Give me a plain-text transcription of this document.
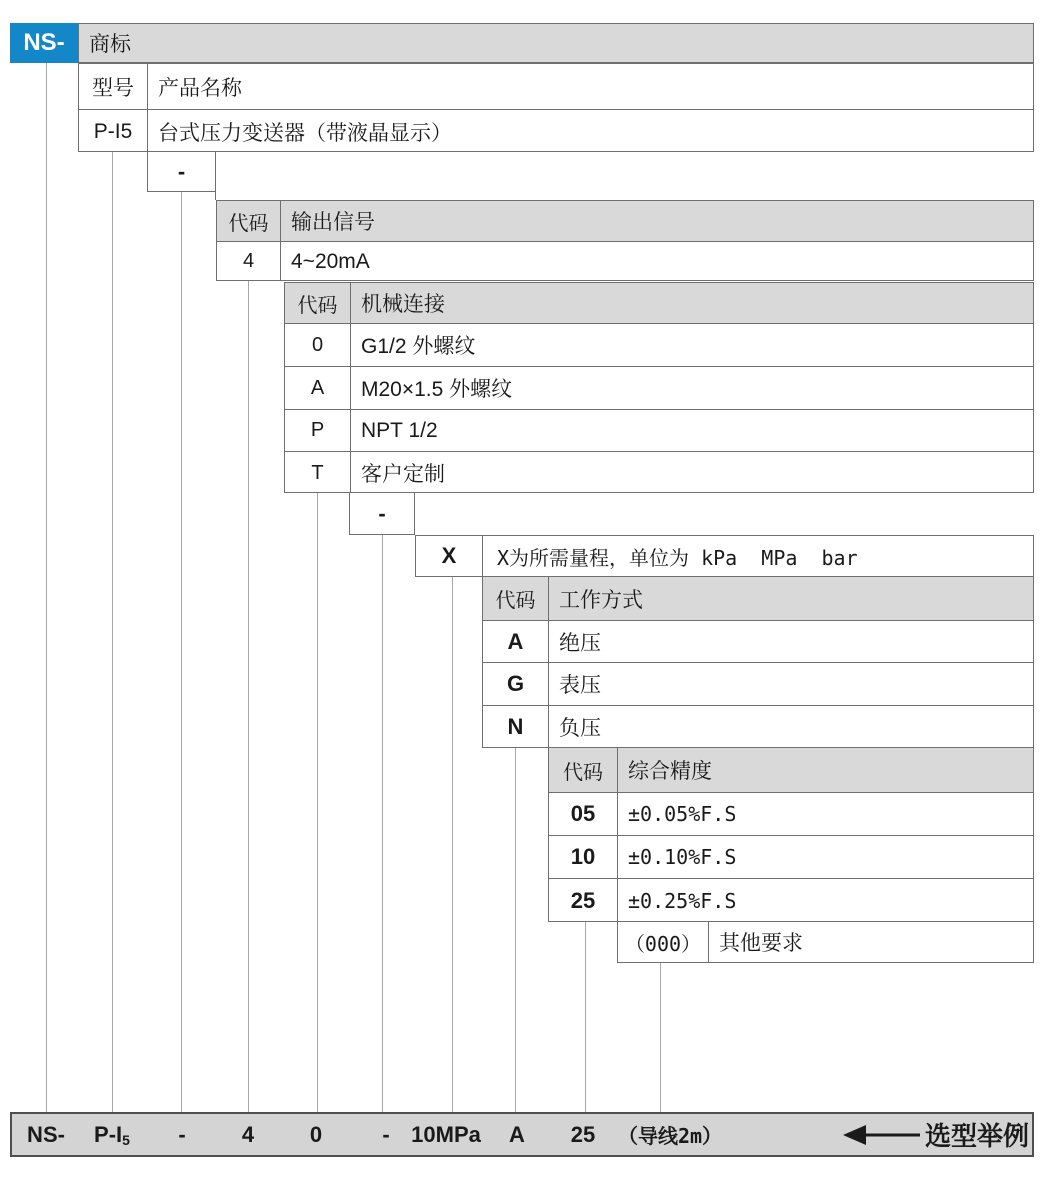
NS- 商标
型号	产品名称
P-I5	台式压力变送器（带液晶显示）
-
代码	输出信号
4	4~20mA
代码	机械连接
0	G1/2 外螺纹
A	M20×1.5 外螺纹
P	NPT 1/2
T	客户定制
-
X	X为所需量程，单位为 kPa  MPa  bar
代码	工作方式
A	绝压
G	表压
N	负压
代码	综合精度
05	±0.05%F.S
10	±0.10%F.S
25	±0.25%F.S
（000） 其他要求
NS- $P-I_5$ -	4	0	- 10MPa A 25 （导线2m）	选型举例
